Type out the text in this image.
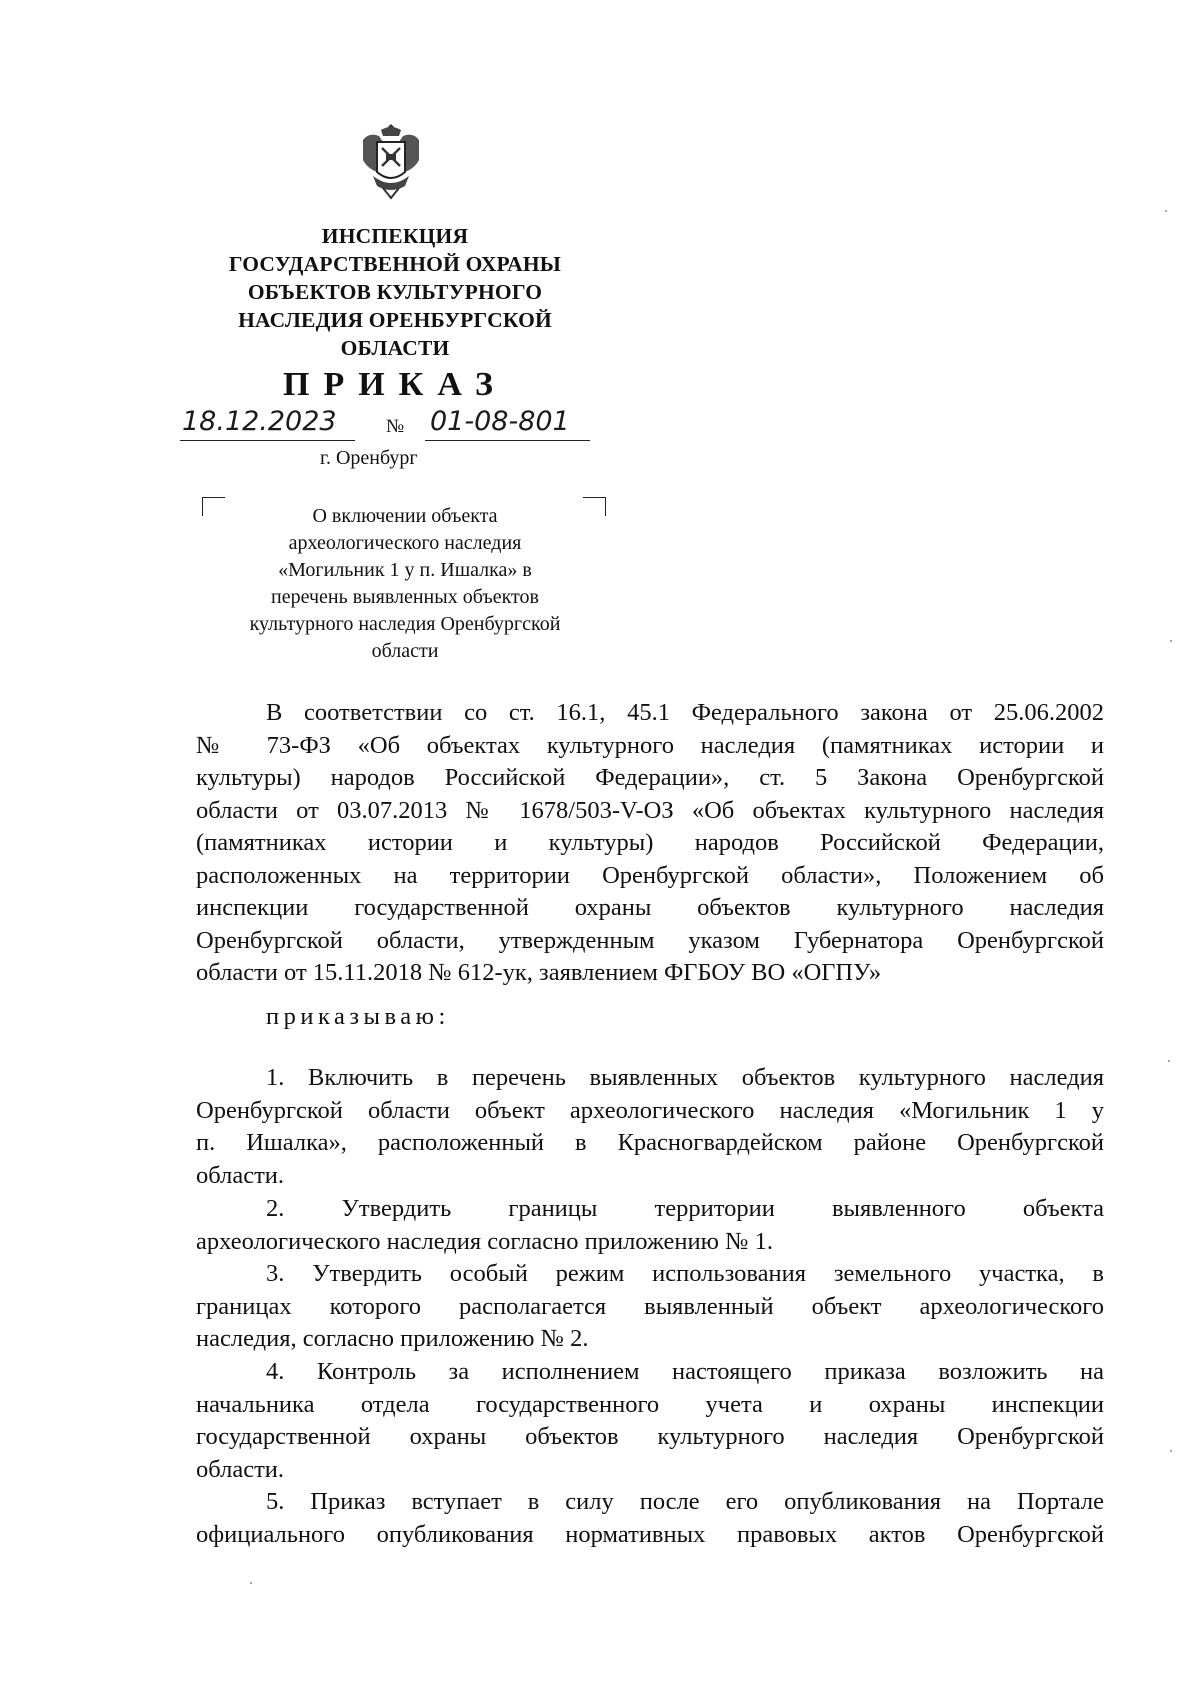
ИНСПЕКЦИЯ
ГОСУДАРСТВЕННОЙ ОХРАНЫ
ОБЪЕКТОВ КУЛЬТУРНОГО
НАСЛЕДИЯ ОРЕНБУРГСКОЙ
ОБЛАСТИ
ПРИКАЗ
18.12.2023	№ 01-08-801
г. Оренбург
О включении объекта
археологического наследия
«Могильник 1 у п. Ишалка» в
перечень выявленных объектов
культурного наследия Оренбургской
области
В соответствии со ст. 16.1, 45.1 Федерального закона от 25.06.2002
№ 73-ФЗ «Об объектах культурного наследия (памятниках истории и
культуры) народов Российской Федерации», ст. 5 Закона Оренбургской
области от 03.07.2013 № 1678/503-V-ОЗ «Об объектах культурного наследия
(памятниках истории и культуры) народов Российской Федерации,
расположенных на территории Оренбургской области», Положением об
инспекции государственной охраны объектов культурного наследия
Оренбургской области, утвержденным указом Губернатора Оренбургской
области от 15.11.2018 № 612-ук, заявлением ФГБОУ ВО «ОГПУ»
приказываю:
1. Включить в перечень выявленных объектов культурного наследия
Оренбургской области объект археологического наследия «Могильник 1 у
п. Ишалка», расположенный в Красногвардейском районе Оренбургской
области.
2. Утвердить границы территории выявленного объекта
археологического наследия согласно приложению № 1.
3. Утвердить особый режим использования земельного участка, в
границах которого располагается выявленный объект археологического
наследия, согласно приложению № 2.
4. Контроль за исполнением настоящего приказа возложить на
начальника отдела государственного учета и охраны инспекции
государственной охраны объектов культурного наследия Оренбургской
области.
5. Приказ вступает в силу после его опубликования на Портале
официального опубликования нормативных правовых актов Оренбургской
